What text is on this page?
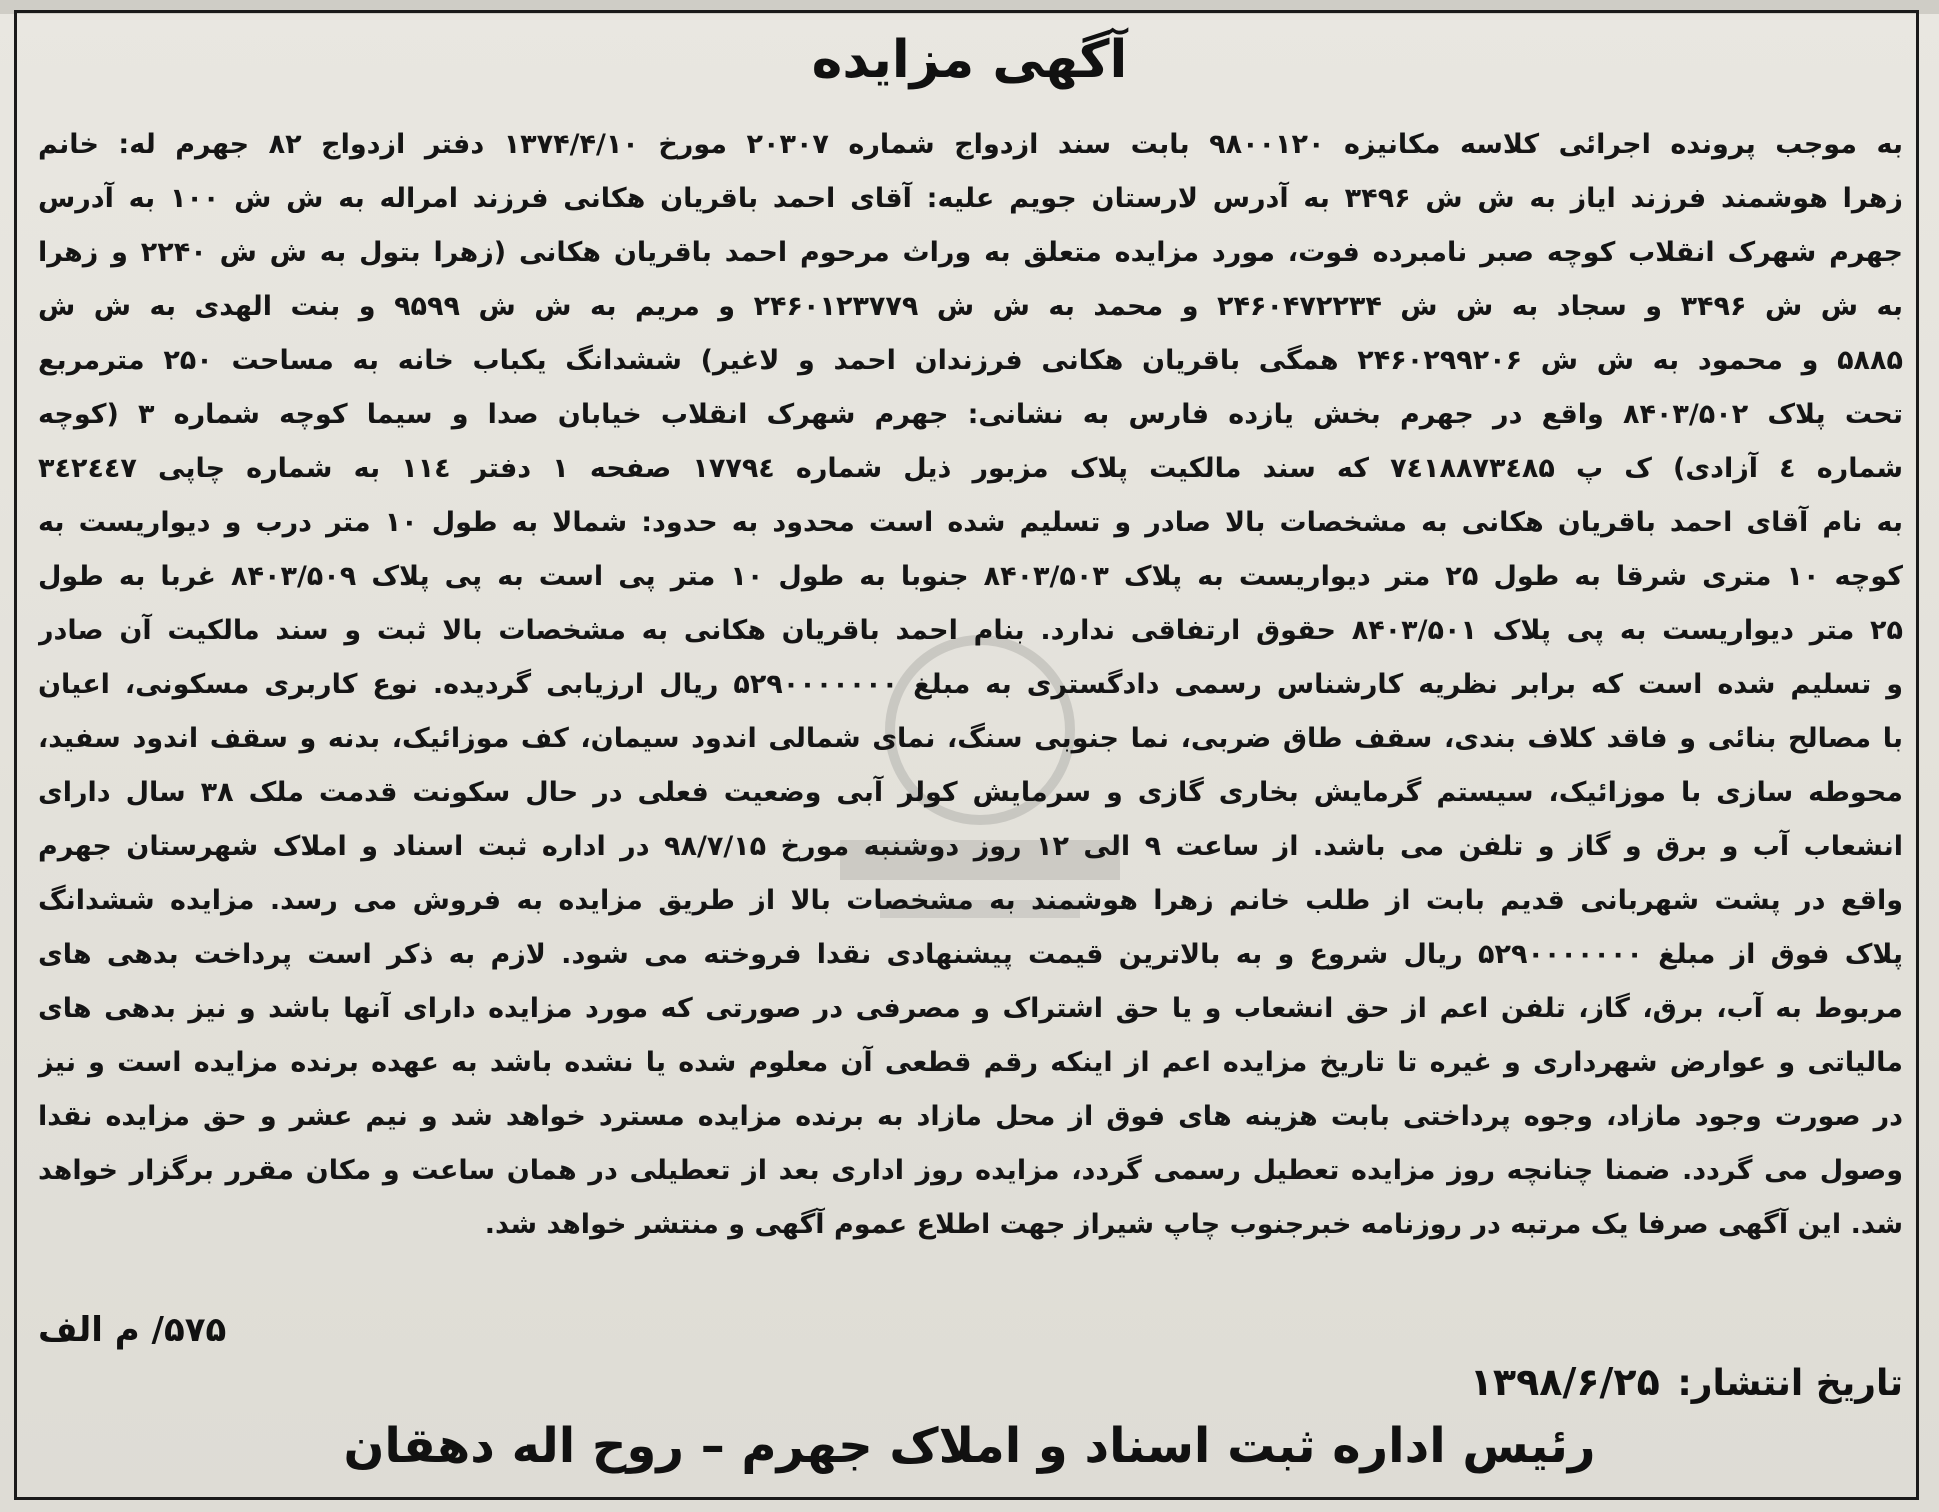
آگهی مزایده
به موجب پرونده اجرائی کلاسه مکانیزه ۹۸۰۰۱۲۰ بابت سند ازدواج شماره ۲۰۳۰۷ مورخ ۱۳۷۴/۴/۱۰ دفتر ازدواج ۸۲ جهرم له: خانم
زهرا هوشمند فرزند ایاز به ش ش ۳۴۹۶ به آدرس لارستان جویم علیه: آقای احمد باقریان هکانی فرزند امراله به ش ش ۱۰۰ به آدرس
جهرم شهرک انقلاب کوچه صبر نامبرده فوت، مورد مزایده متعلق به وراث مرحوم احمد باقریان هکانی (زهرا بتول به ش ش ۲۲۴۰ و زهرا
به ش ش ۳۴۹۶ و سجاد به ش ش ۲۴۶۰۴۷۲۲۳۴ و محمد به ش ش ۲۴۶۰۱۲۳۷۷۹ و مریم به ش ش ۹۵۹۹ و بنت الهدی به ش ش
۵۸۸۵ و محمود به ش ش ۲۴۶۰۲۹۹۲۰۶ همگی باقریان هکانی فرزندان احمد و لاغیر) ششدانگ یکباب خانه به مساحت ۲۵۰ مترمربع
تحت پلاک ۸۴۰۳/۵۰۲ واقع در جهرم بخش یازده فارس به نشانی: جهرم شهرک انقلاب خیابان صدا و سیما کوچه شماره ۳ (کوچه
شماره ٤ آزادی) ک پ ۷٤۱۸۸۷۳٤۸۵ که سند مالکیت پلاک مزبور ذیل شماره ۱۷۷۹٤ صفحه ۱ دفتر ۱۱٤ به شماره چاپی ۳٤۲٤٤۷
به نام آقای احمد باقریان هکانی به مشخصات بالا صادر و تسلیم شده است محدود به حدود: شمالا به طول ۱۰ متر درب و دیواریست به
کوچه ۱۰ متری شرقا به طول ۲۵ متر دیواریست به پلاک ۸۴۰۳/۵۰۳ جنوبا به طول ۱۰ متر پی است به پی پلاک ۸۴۰۳/۵۰۹ غربا به طول
۲۵ متر دیواریست به پی پلاک ۸۴۰۳/۵۰۱ حقوق ارتفاقی ندارد. بنام احمد باقریان هکانی به مشخصات بالا ثبت و سند مالکیت آن صادر
و تسلیم شده است که برابر نظریه کارشناس رسمی دادگستری به مبلغ ۵۲۹۰۰۰۰۰۰۰ ریال ارزیابی گردیده. نوع کاربری مسکونی، اعیان
با مصالح بنائی و فاقد کلاف بندی، سقف طاق ضربی، نما جنوبی سنگ، نمای شمالی اندود سیمان، کف موزائیک، بدنه و سقف اندود سفید،
محوطه سازی با موزائیک، سیستم گرمایش بخاری گازی و سرمایش کولر آبی وضعیت فعلی در حال سکونت قدمت ملک ۳۸ سال دارای
انشعاب آب و برق و گاز و تلفن می باشد. از ساعت ۹ الی ۱۲ روز دوشنبه مورخ ۹۸/۷/۱۵ در اداره ثبت اسناد و املاک شهرستان جهرم
واقع در پشت شهربانی قدیم بابت از طلب خانم زهرا هوشمند به مشخصات بالا از طریق مزایده به فروش می رسد. مزایده ششدانگ
پلاک فوق از مبلغ ۵۲۹۰۰۰۰۰۰۰ ریال شروع و به بالاترین قیمت پیشنهادی نقدا فروخته می شود. لازم به ذکر است پرداخت بدهی های
مربوط به آب، برق، گاز، تلفن اعم از حق انشعاب و یا حق اشتراک و مصرفی در صورتی که مورد مزایده دارای آنها باشد و نیز بدهی های
مالیاتی و عوارض شهرداری و غیره تا تاریخ مزایده اعم از اینکه رقم قطعی آن معلوم شده یا نشده باشد به عهده برنده مزایده است و نیز
در صورت وجود مازاد، وجوه پرداختی بابت هزینه های فوق از محل مازاد به برنده مزایده مسترد خواهد شد و نیم عشر و حق مزایده نقدا
وصول می گردد. ضمنا چنانچه روز مزایده تعطیل رسمی گردد، مزایده روز اداری بعد از تعطیلی در همان ساعت و مکان مقرر برگزار خواهد
شد. این آگهی صرفا یک مرتبه در روزنامه خبرجنوب چاپ شیراز جهت اطلاع عموم آگهی و منتشر خواهد شد.
تاریخ انتشار: ۱۳۹۸/۶/۲۵
۵۷۵/ م الف
رئیس اداره ثبت اسناد و املاک جهرم – روح اله دهقان
